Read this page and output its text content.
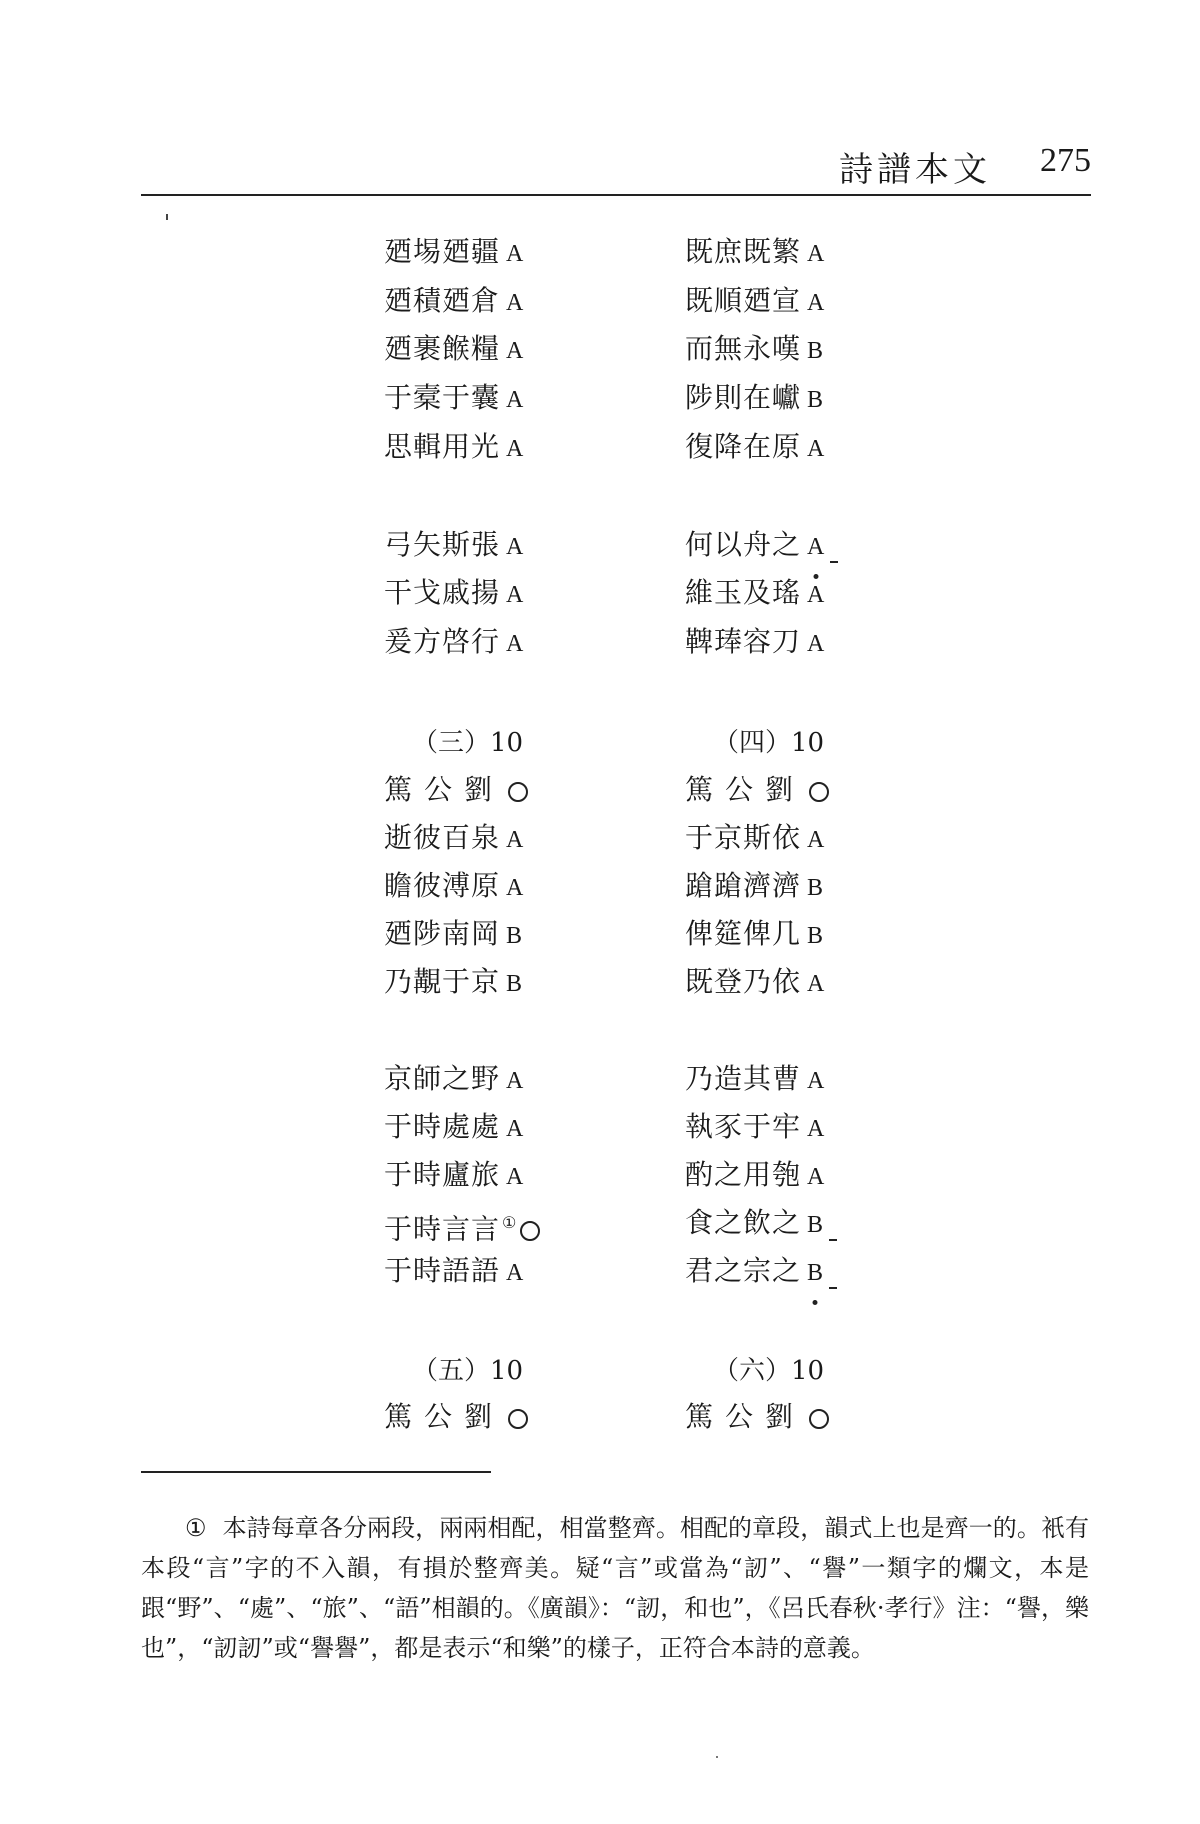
詩譜本文 275
廼埸廼疆 A
廼積廼倉 A
廼裹餱糧 A
于槖于囊 A
思輯用光 A
弓矢斯張 A
干戈戚揚 A
爰方啓行 A
（三）10
篤公劉
逝彼百泉 A
瞻彼溥原 A
廼陟南岡 B
乃覯于京 B
京師之野 A
于時處處 A
于時廬旅 A
于時言言 ①
于時語語 A
（五）10
篤公劉
既庶既繁 A
既順廼宣 A
而無永嘆 B
陟則在巘 B
復降在原 A
何以舟之 A
維玉及瑤 A
鞞琫容刀 A
（四）10
篤公劉
于京斯依 A
蹌蹌濟濟 B
俾筵俾几 B
既登乃依 A
乃造其曹 A
執豕于牢 A
酌之用匏 A
食之飲之 B
君之宗之 B
（六）10
篤公劉
① 本詩每章各分兩段，兩兩相配，相當整齊。相配的章段，韻式上也是齊一的。衹有本段“言”字的不入韻，有損於整齊美。疑“言”或當為“訒”、“譽”一類字的爛文，本是跟“野”、“處”、“旅”、“語”相韻的。《廣韻》：“訒，和也”，《呂氏春秋·孝行》注：“譽，樂也”，“訒訒”或“譽譽”，都是表示“和樂”的樣子，正符合本詩的意義。
